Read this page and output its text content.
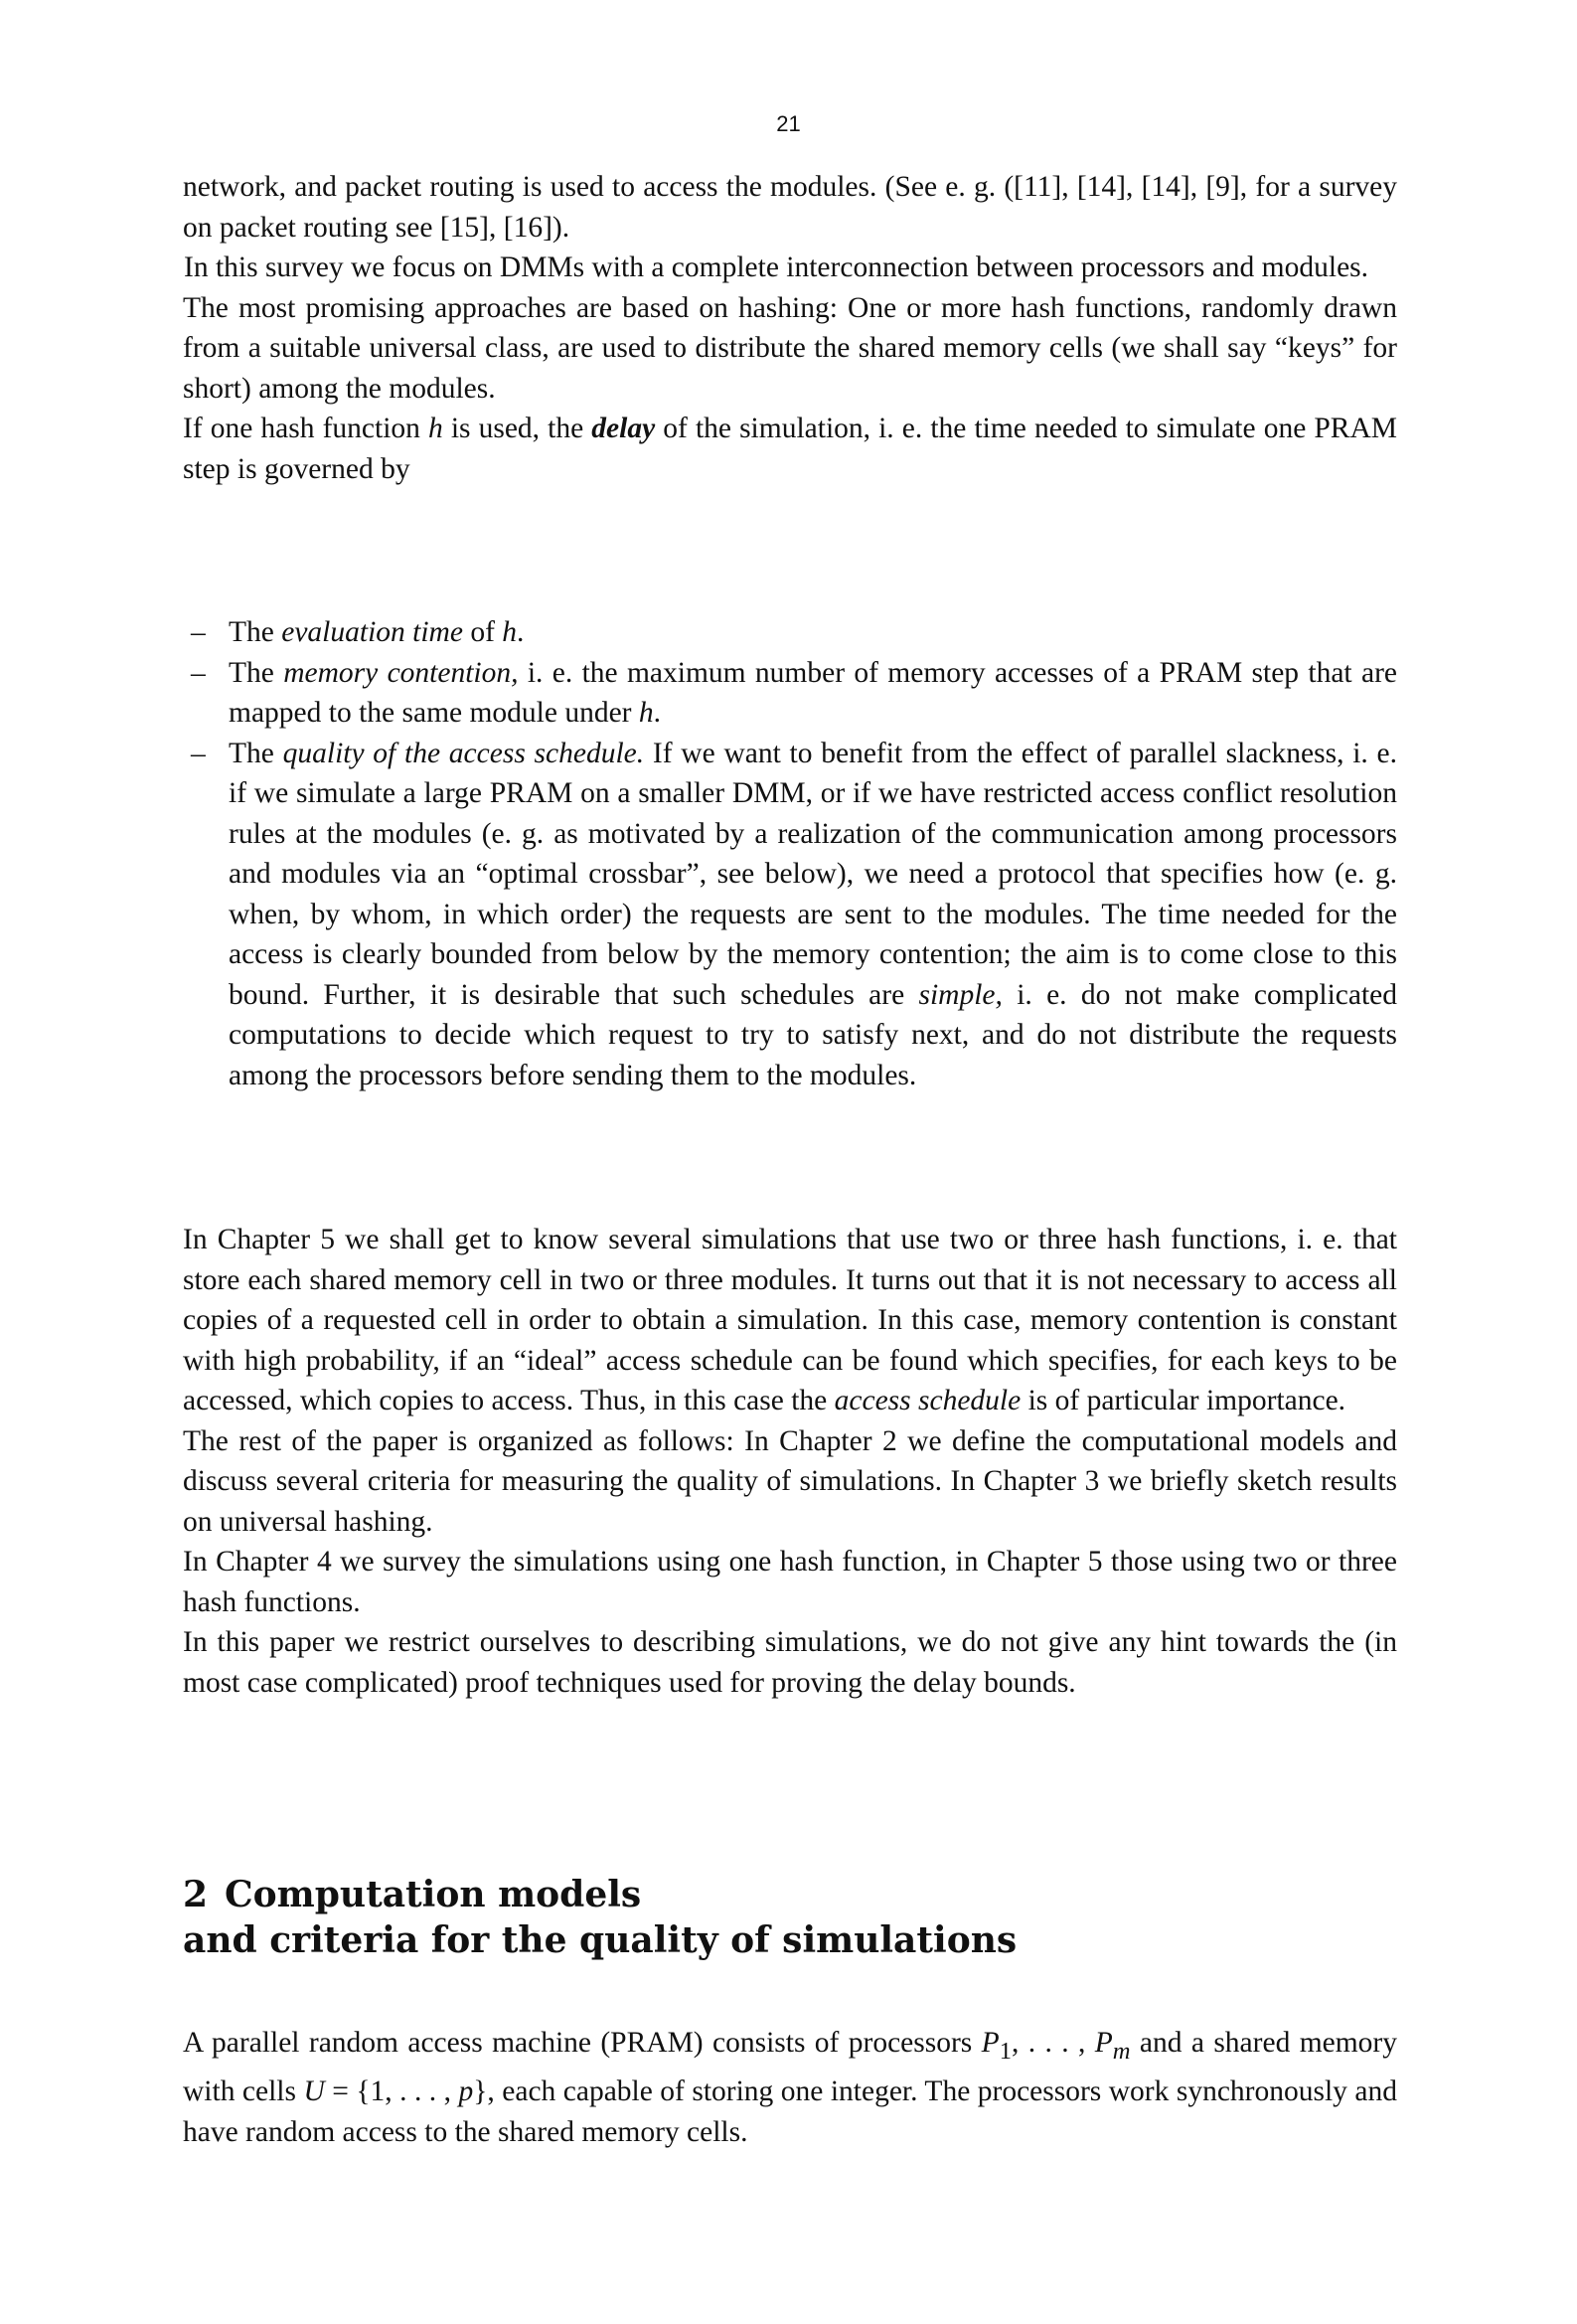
21

network, and packet routing is used to access the modules. (See e. g. ([11], [14], [14], [9], for a survey on packet routing see [15], [16]).

In this survey we focus on DMMs with a complete interconnection between processors and modules.

The most promising approaches are based on hashing: One or more hash functions, randomly drawn from a suitable universal class, are used to distribute the shared memory cells (we shall say “keys” for short) among the modules.

If one hash function h is used, the delay of the simulation, i. e. the time needed to simulate one PRAM step is governed by

– The evaluation time of h.
– The memory contention, i. e. the maximum number of memory accesses of a PRAM step that are mapped to the same module under h.
– The quality of the access schedule. If we want to benefit from the effect of parallel slackness, i. e. if we simulate a large PRAM on a smaller DMM, or if we have restricted access conflict resolution rules at the modules (e. g. as motivated by a realization of the communication among processors and modules via an “optimal crossbar”, see below), we need a protocol that specifies how (e. g. when, by whom, in which order) the requests are sent to the modules. The time needed for the access is clearly bounded from below by the memory contention; the aim is to come close to this bound. Further, it is desirable that such schedules are simple, i. e. do not make complicated computations to decide which request to try to satisfy next, and do not distribute the requests among the processors before sending them to the modules.

In Chapter 5 we shall get to know several simulations that use two or three hash functions, i. e. that store each shared memory cell in two or three modules. It turns out that it is not necessary to access all copies of a requested cell in order to obtain a simulation. In this case, memory contention is constant with high probability, if an “ideal” access schedule can be found which specifies, for each keys to be accessed, which copies to access. Thus, in this case the access schedule is of particular importance.

The rest of the paper is organized as follows: In Chapter 2 we define the computational models and discuss several criteria for measuring the quality of simulations. In Chapter 3 we briefly sketch results on universal hashing.

In Chapter 4 we survey the simulations using one hash function, in Chapter 5 those using two or three hash functions.

In this paper we restrict ourselves to describing simulations, we do not give any hint towards the (in most case complicated) proof techniques used for proving the delay bounds.

2 Computation models
and criteria for the quality of simulations

A parallel random access machine (PRAM) consists of processors $P_1$, . . . , $P_m$ and a shared memory with cells U = {1, . . . , p}, each capable of storing one integer. The processors work synchronously and have random access to the shared memory cells.
